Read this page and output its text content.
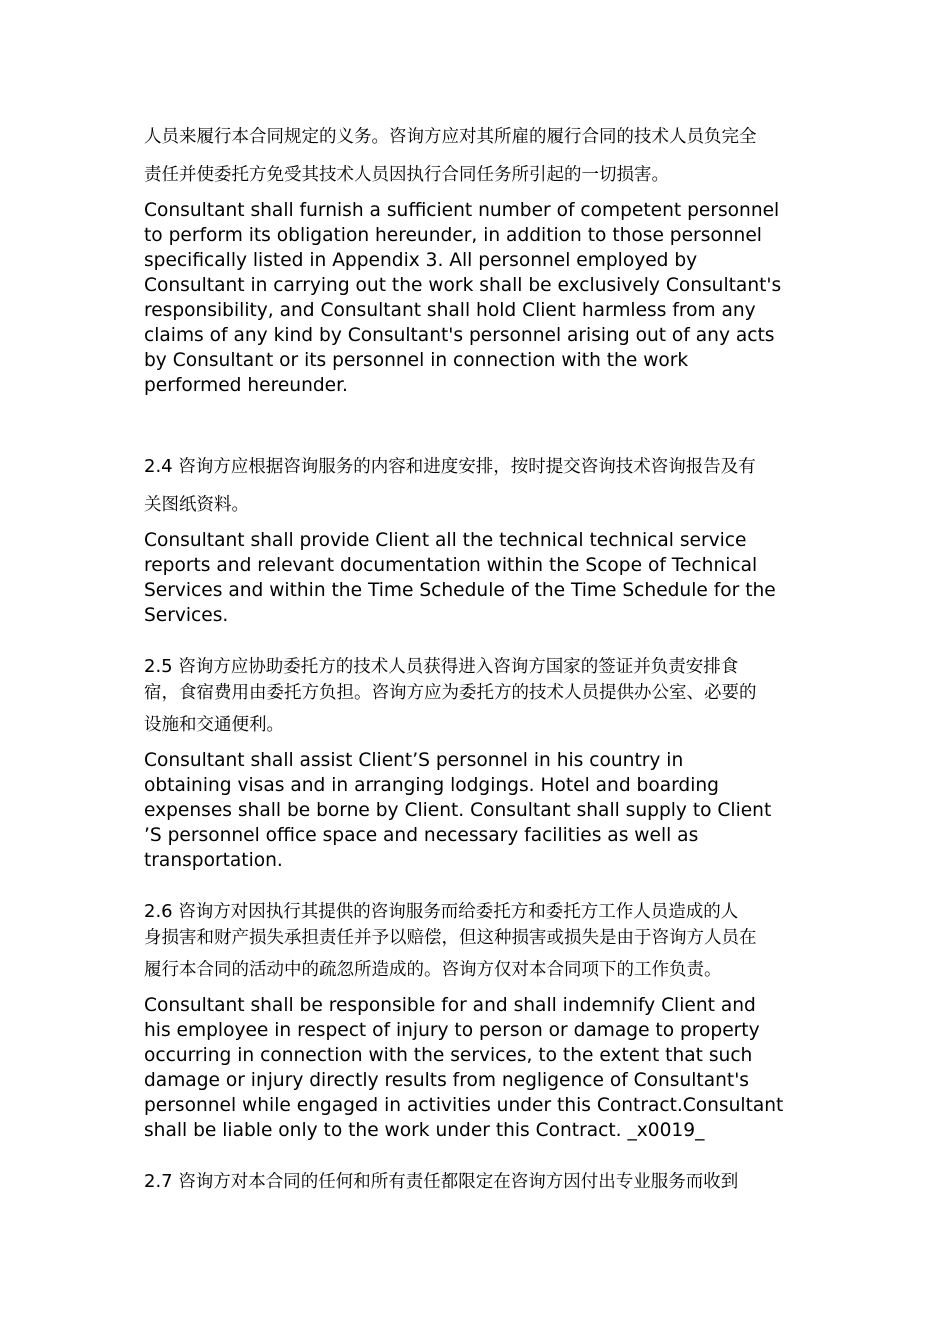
人员来履行本合同规定的义务。咨询方应对其所雇的履行合同的技术人员负完全
责任并使委托方免受其技术人员因执行合同任务所引起的一切损害。

Consultant shall furnish a sufficient number of competent personnel
to perform its obligation hereunder, in addition to those personnel
specifically listed in Appendix 3. All personnel employed by
Consultant in carrying out the work shall be exclusively Consultant's
responsibility, and Consultant shall hold Client harmless from any
claims of any kind by Consultant's personnel arising out of any acts
by Consultant or its personnel in connection with the work
performed hereunder.

2.4 咨询方应根据咨询服务的内容和进度安排，按时提交咨询技术咨询报告及有
关图纸资料。

Consultant shall provide Client all the technical technical service
reports and relevant documentation within the Scope of Technical
Services and within the Time Schedule of the Time Schedule for the
Services.

2.5 咨询方应协助委托方的技术人员获得进入咨询方国家的签证并负责安排食
宿，食宿费用由委托方负担。咨询方应为委托方的技术人员提供办公室、必要的

设施和交通便利。

Consultant shall assist Client’S personnel in his country in
obtaining visas and in arranging lodgings. Hotel and boarding
expenses shall be borne by Client. Consultant shall supply to Client
’S personnel office space and necessary facilities as well as
transportation.

2.6 咨询方对因执行其提供的咨询服务而给委托方和委托方工作人员造成的人
身损害和财产损失承担责任并予以赔偿，但这种损害或损失是由于咨询方人员在

履行本合同的活动中的疏忽所造成的。咨询方仅对本合同项下的工作负责。

Consultant shall be responsible for and shall indemnify Client and
his employee in respect of injury to person or damage to property
occurring in connection with the services, to the extent that such
damage or injury directly results from negligence of Consultant's
personnel while engaged in activities under this Contract.Consultant
shall be liable only to the work under this Contract. _x0019_

2.7 咨询方对本合同的任何和所有责任都限定在咨询方因付出专业服务而收到
